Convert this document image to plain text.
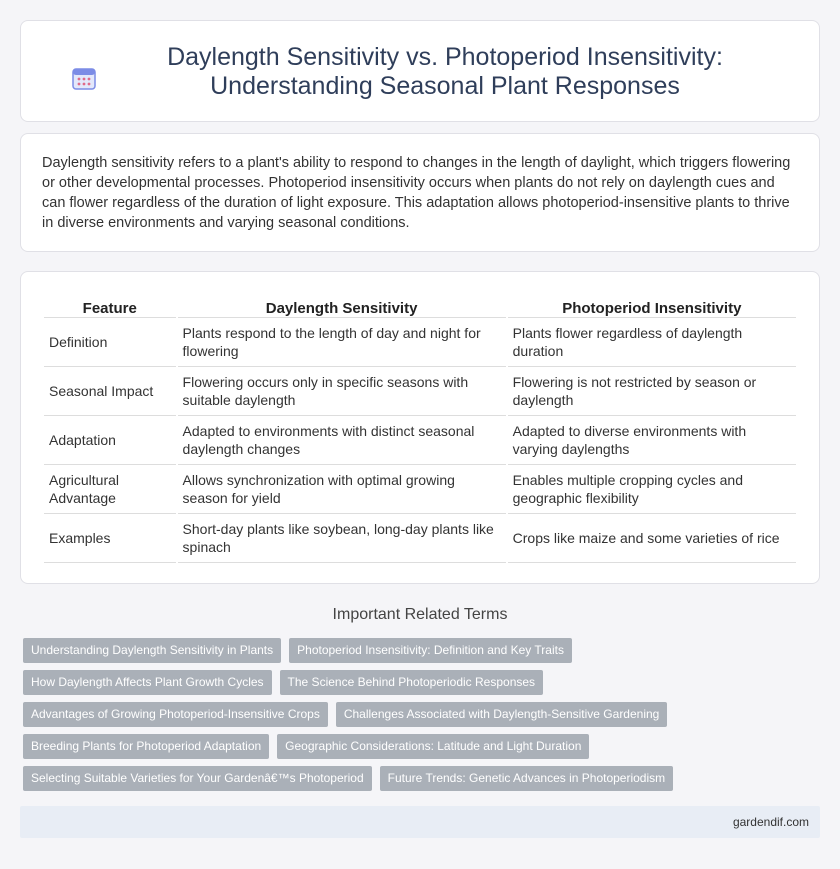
Daylength Sensitivity vs. Photoperiod Insensitivity: Understanding Seasonal Plant Responses

Daylength sensitivity refers to a plant's ability to respond to changes in the length of daylight, which triggers flowering or other developmental processes. Photoperiod insensitivity occurs when plants do not rely on daylength cues and can flower regardless of the duration of light exposure. This adaptation allows photoperiod-insensitive plants to thrive in diverse environments and varying seasonal conditions.

Feature	Daylength Sensitivity	Photoperiod Insensitivity
Definition	Plants respond to the length of day and night for flowering	Plants flower regardless of daylength duration
Seasonal Impact	Flowering occurs only in specific seasons with suitable daylength	Flowering is not restricted by season or daylength
Adaptation	Adapted to environments with distinct seasonal daylength changes	Adapted to diverse environments with varying daylengths
Agricultural Advantage	Allows synchronization with optimal growing season for yield	Enables multiple cropping cycles and geographic flexibility
Examples	Short-day plants like soybean, long-day plants like spinach	Crops like maize and some varieties of rice
Important Related Terms
Understanding Daylength Sensitivity in Plants	Photoperiod Insensitivity: Definition and Key Traits
How Daylength Affects Plant Growth Cycles	The Science Behind Photoperiodic Responses
Advantages of Growing Photoperiod-Insensitive Crops	Challenges Associated with Daylength-Sensitive Gardening
Breeding Plants for Photoperiod Adaptation	Geographic Considerations: Latitude and Light Duration
Selecting Suitable Varieties for Your Gardenâ€™s Photoperiod	Future Trends: Genetic Advances in Photoperiodism
gardendif.com
